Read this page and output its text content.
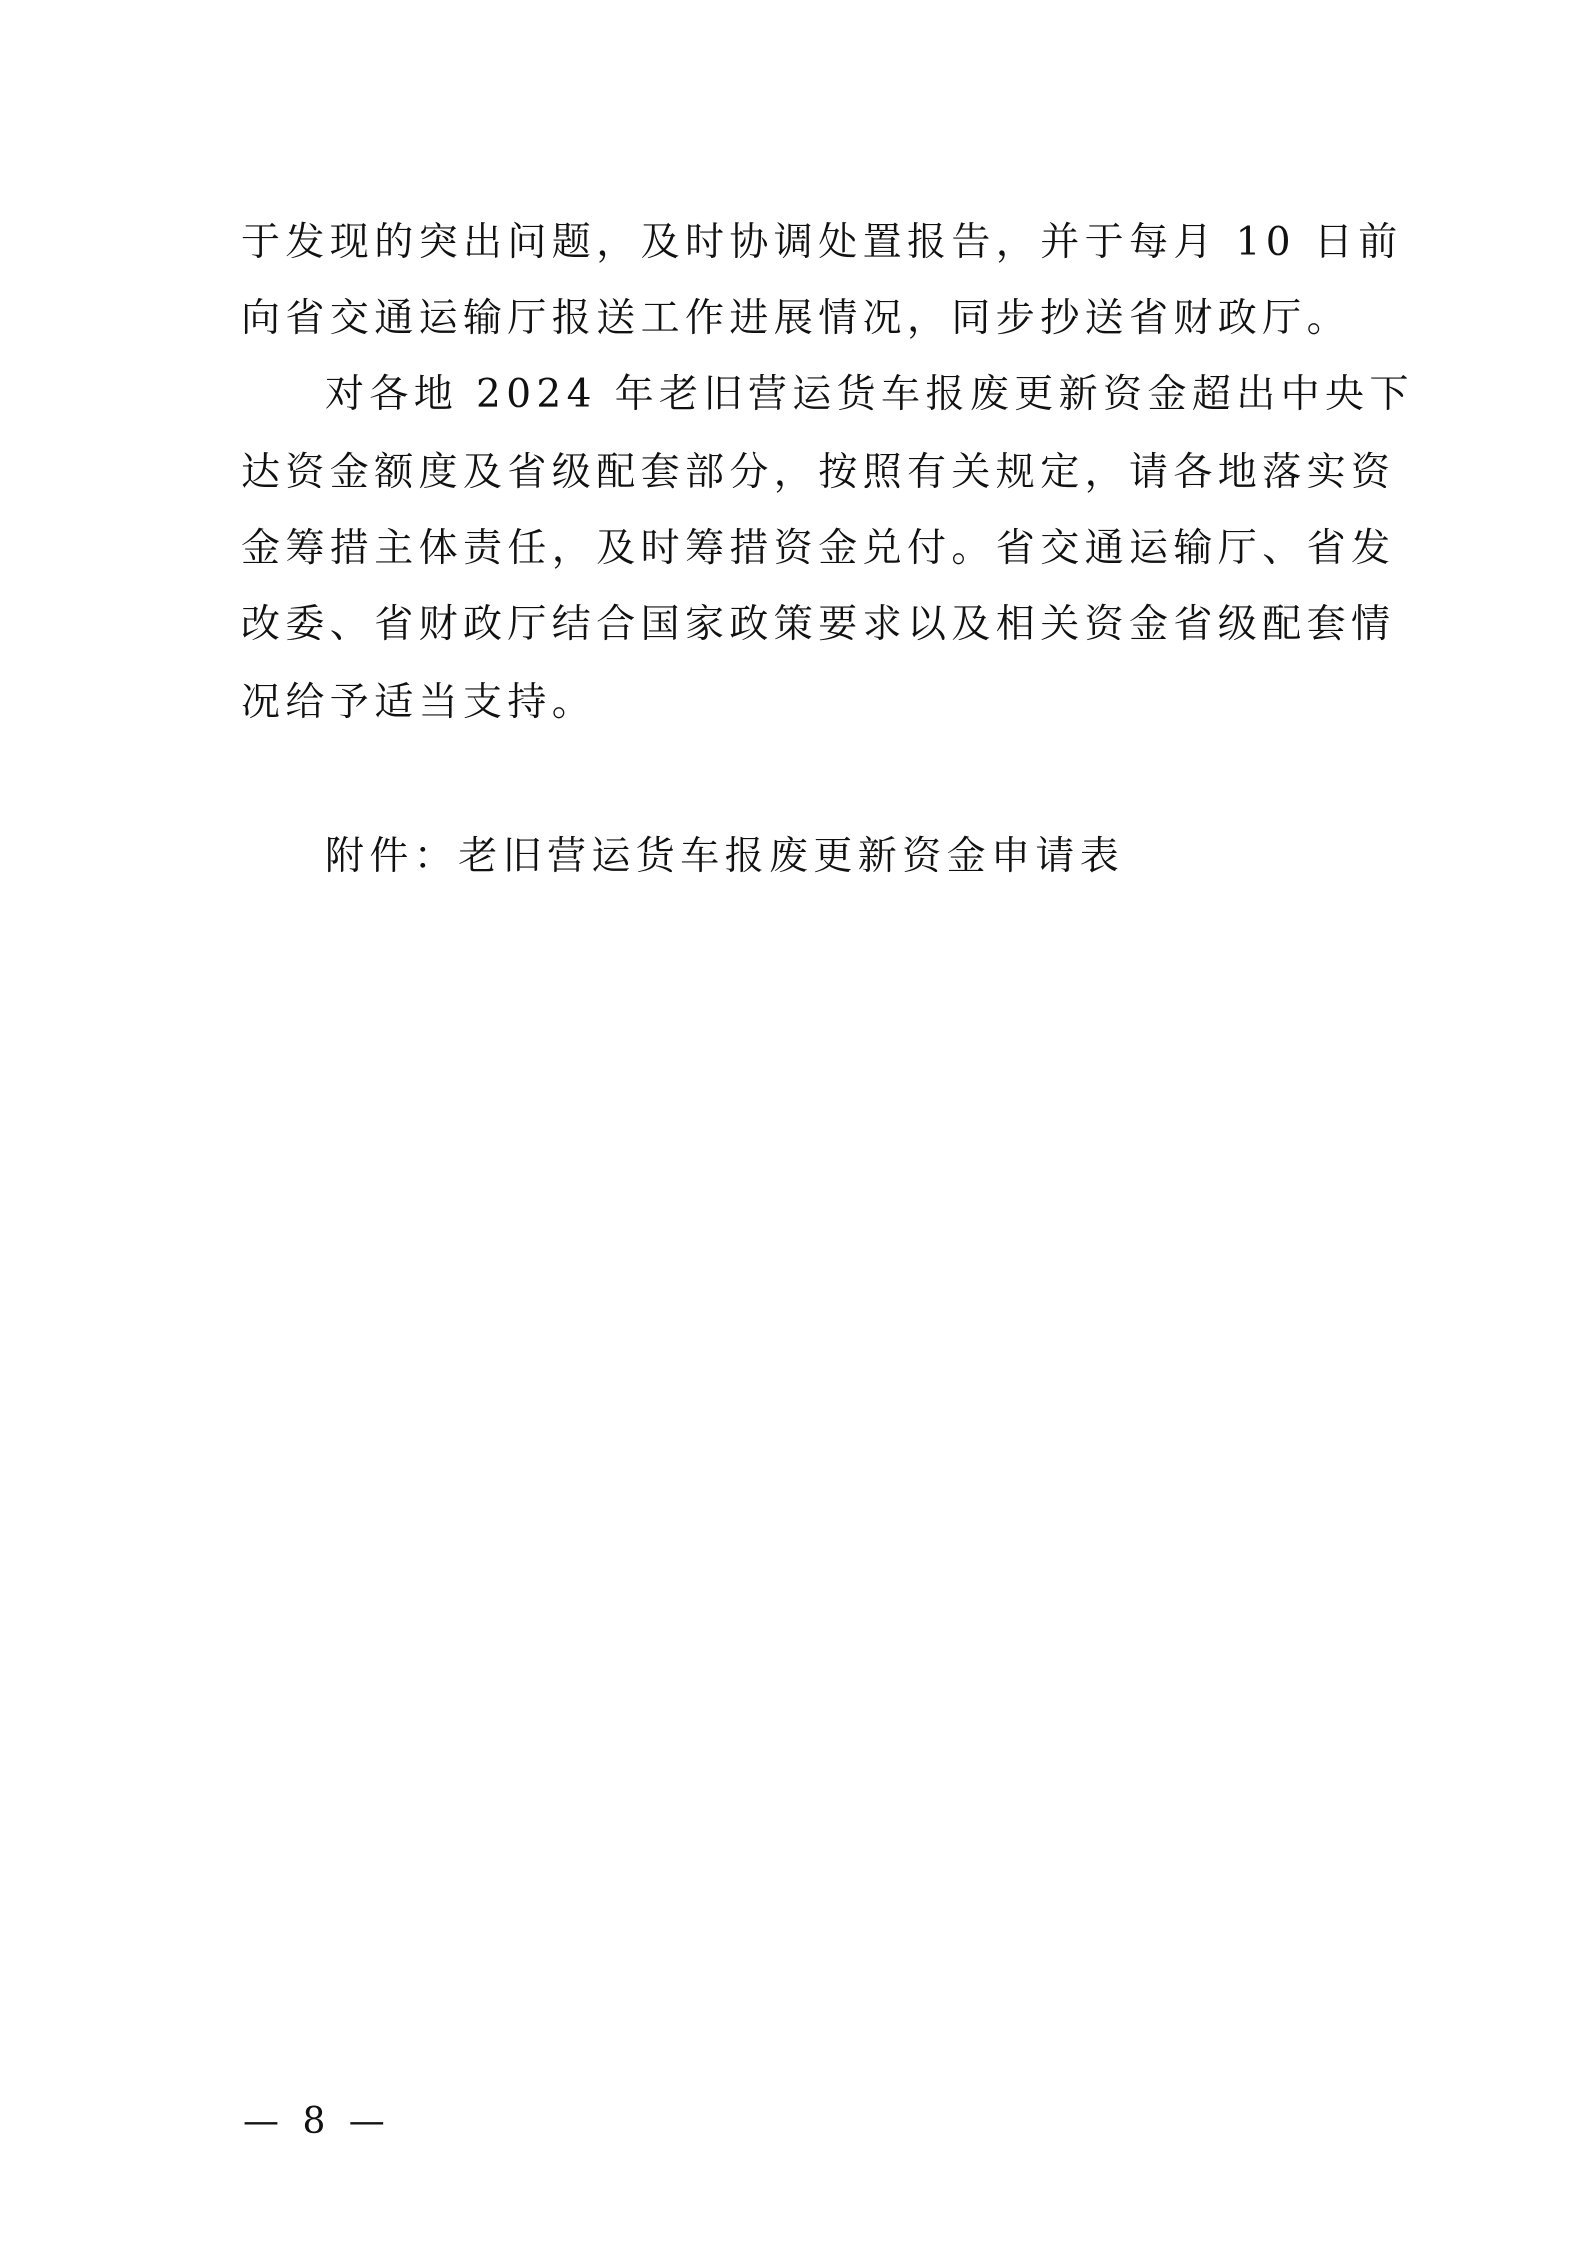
于发现的突出问题，及时协调处置报告，并于每月 10 日前
向省交通运输厅报送工作进展情况，同步抄送省财政厅。
对各地 2024 年老旧营运货车报废更新资金超出中央下
达资金额度及省级配套部分，按照有关规定，请各地落实资
金筹措主体责任，及时筹措资金兑付。省交通运输厅、省发
改委、省财政厅结合国家政策要求以及相关资金省级配套情
况给予适当支持。
附件：老旧营运货车报废更新资金申请表
— 8 —
